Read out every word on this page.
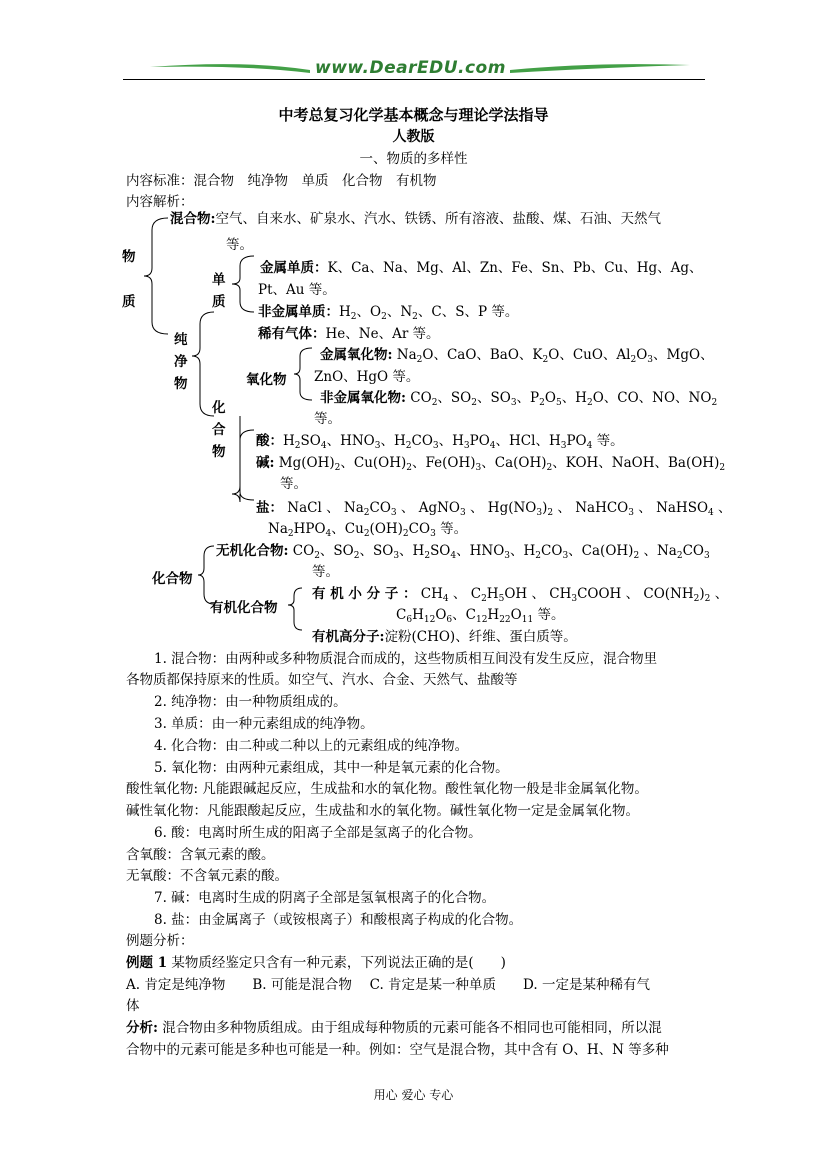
www.DearEDU.com
中考总复习化学基本概念与理论学法指导
人教版
一、物质的多样性
内容标准：混合物　纯净物　单质　化合物　有机物
内容解析：
物
质
混合物:空气、自来水、矿泉水、汽水、铁锈、所有溶液、盐酸、煤、石油、天然气
等。
纯
净
物
单
质
金属单质：K、Ca、Na、Mg、Al、Zn、Fe、Sn、Pb、Cu、Hg、Ag、
Pt、Au 等。
非金属单质：$H_2$、$O_2$、$N_2$、C、S、P 等。
稀有气体：He、Ne、Ar 等。
化
合
物
氧化物
金属氧化物: $Na_2O$、CaO、BaO、$K_2O$、CuO、$Al_2O_3$、MgO、
ZnO、HgO 等。
非金属氧化物: $CO_2$、$SO_2$、$SO_3$、$P_2O_5$、$H_2O$、CO、NO、$NO_2$
等。
酸：$H_2SO_4$、$HNO_3$、$H_2CO_3$、$H_3PO_4$、HCl、$H_3PO_4$ 等。
碱: $Mg(OH)_2$、$Cu(OH)_2$、$Fe(OH)_3$、$Ca(OH)_2$、KOH、NaOH、$Ba(OH)_2$
等。
盐： NaCl 、 $Na_2CO_3$ 、 AgNO$_3$ 、 $Hg(NO_3)_2$ 、 NaHCO$_3$ 、 NaHSO$_4$ 、
$Na_2HPO_4$、$Cu_2(OH)_2CO_3$ 等。
化合物
无机化合物: $CO_2$、$SO_2$、$SO_3$、$H_2SO_4$、$HNO_3$、$H_2CO_3$、$Ca(OH)_2$ 、$Na_2CO_3$
等。
有机化合物
有 机 小 分 子 ： $CH_4$ 、 $C_2H_5OH$ 、 $CH_3COOH$ 、 $CO(NH_2)_2$ 、
$C_6H_{12}O_6$、$C_{12}H_{22}O_{11}$ 等。
有机高分子:淀粉(CHO)、纤维、蛋白质等。
1. 混合物：由两种或多种物质混合而成的，这些物质相互间没有发生反应，混合物里
各物质都保持原来的性质。如空气、汽水、合金、天然气、盐酸等
2. 纯净物：由一种物质组成的。
3. 单质：由一种元素组成的纯净物。
4. 化合物：由二种或二种以上的元素组成的纯净物。
5. 氧化物：由两种元素组成，其中一种是氧元素的化合物。
酸性氧化物: 凡能跟碱起反应，生成盐和水的氧化物。酸性氧化物一般是非金属氧化物。
碱性氧化物：凡能跟酸起反应，生成盐和水的氧化物。碱性氧化物一定是金属氧化物。
6. 酸：电离时所生成的阳离子全部是氢离子的化合物。
含氧酸：含氧元素的酸。
无氧酸：不含氧元素的酸。
7. 碱：电离时生成的阴离子全部是氢氧根离子的化合物。
8. 盐：由金属离子（或铵根离子）和酸根离子构成的化合物。
例题分析：
例题 1 某物质经鉴定只含有一种元素，下列说法正确的是(　　)
A. 肯定是纯净物　　B. 可能是混合物　 C. 肯定是某一种单质　　D. 一定是某种稀有气
体
分析: 混合物由多种物质组成。由于组成每种物质的元素可能各不相同也可能相同，所以混
合物中的元素可能是多种也可能是一种。例如：空气是混合物，其中含有 O、H、N 等多种
用心 爱心 专心
